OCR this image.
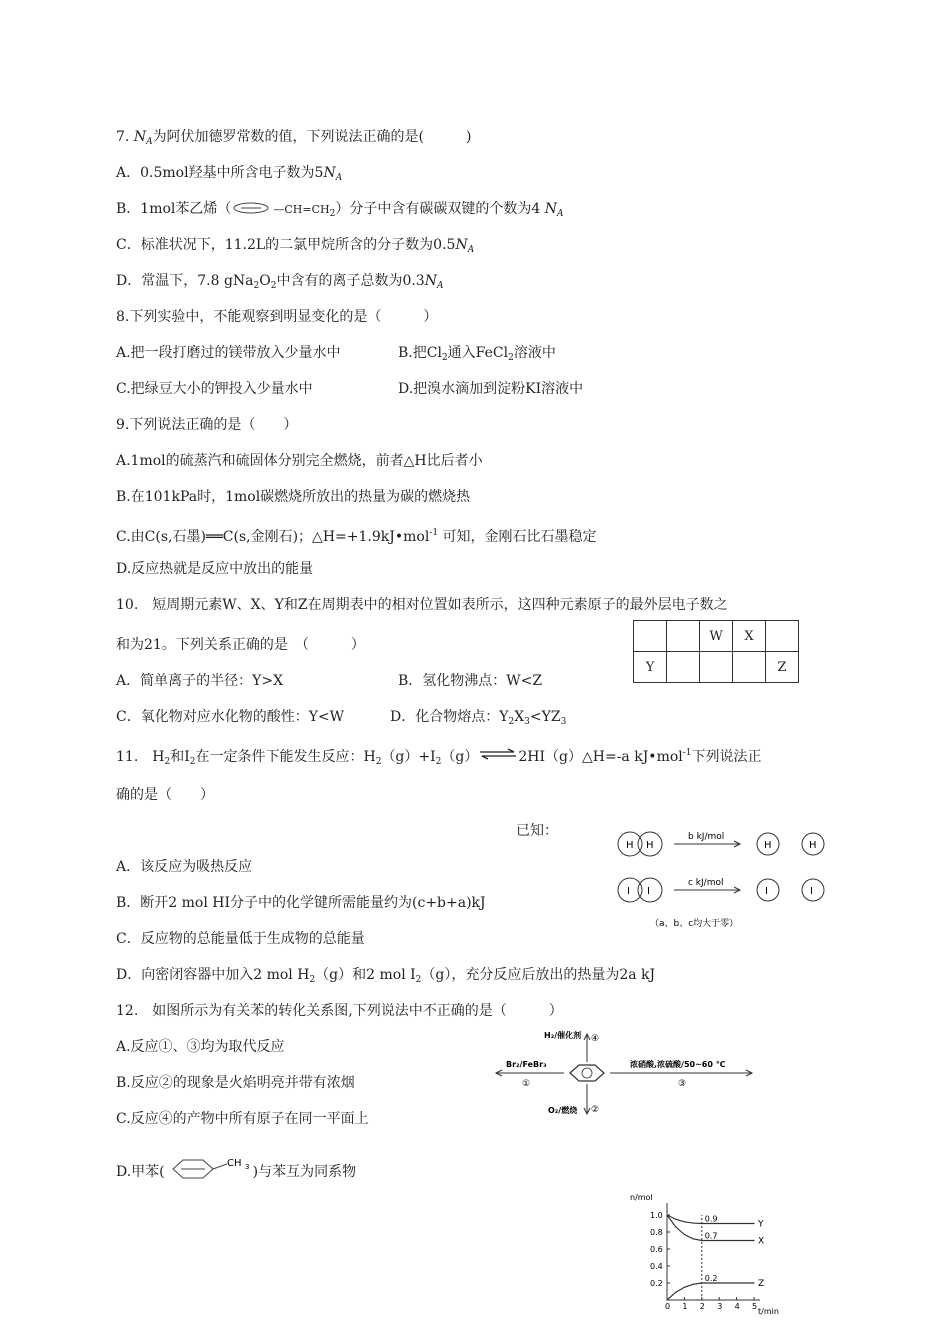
7. $N_A$为阿伏加德罗常数的值，下列说法正确的是(　　　)
A．0.5mol羟基中所含电子数为$5N_A$
B．1mol苯乙烯（	$—CH=CH_2$）分子中含有碳碳双键的个数为4 $N_A$
C．标准状况下，11.2L的二氯甲烷所含的分子数为$0.5N_A$
D．常温下，7.8 $gNa_2O_2$中含有的离子总数为$0.3N_A$
8.下列实验中，不能观察到明显变化的是（　　　）
A.把一段打磨过的镁带放入少量水中	B.把$Cl_2$通入FeCl$_2$溶液中
C.把绿豆大小的钾投入少量水中	D.把溴水滴加到淀粉KI溶液中
9.下列说法正确的是（　　）
A.1mol的硫蒸汽和硫固体分别完全燃烧，前者△H比后者小
B.在101kPa时，1mol碳燃烧所放出的热量为碳的燃烧热
C.由C(s,石墨)══C(s,金刚石)；△H=+1.9kJ•mol$^{-1}$ 可知，金刚石比石墨稳定
D.反应热就是反应中放出的能量
10.　短周期元素W、X、Y和Z在周期表中的相对位置如表所示，这四种元素原子的最外层电子数之
和为21。下列关系正确的是　（　　　）
		W	X	
Y				Z
A．简单离子的半径：Y>X	B．氢化物沸点：W<Z
C．氧化物对应水化物的酸性：Y<W	D．化合物熔点：$Y_2X_3<YZ_3$
11.　$H_2$和$I_2$在一定条件下能发生反应：$H_2(g)+I_2(g)\rightleftharpoons 2HI(g)\triangle H=-a$ kJ•mol$^{-1}$下列说法正
确的是（　　）
已知：
H H
b kJ/mol
H	H
I I
c kJ/mol
I	I
（a、b、c均大于零）
A．该反应为吸热反应
B．断开2 mol HI分子中的化学键所需能量约为(c+b+a)kJ
C．反应物的总能量低于生成物的总能量
D．向密闭容器中加入2 mol $H_2(g)$和2 mol $I_2(g)$，充分反应后放出的热量为2a kJ
12.　如图所示为有关苯的转化关系图,下列说法中不正确的是（　　　）
A.反应①、③均为取代反应
B.反应②的现象是火焰明亮并带有浓烟
C.反应④的产物中所有原子在同一平面上
D.甲苯(
CH 3 )与苯互为同系物
H₂/催化剂 ④
Br₂/FeBr₃
①
O₂/燃烧 ②
浓硝酸,浓硫酸/50~60 ℃
③
n/mol
t/min
0 1 2 3 4 5
0.2
0.4
0.6
0.8
1.0	0.9
Y
0.7
X
0.2
Z
